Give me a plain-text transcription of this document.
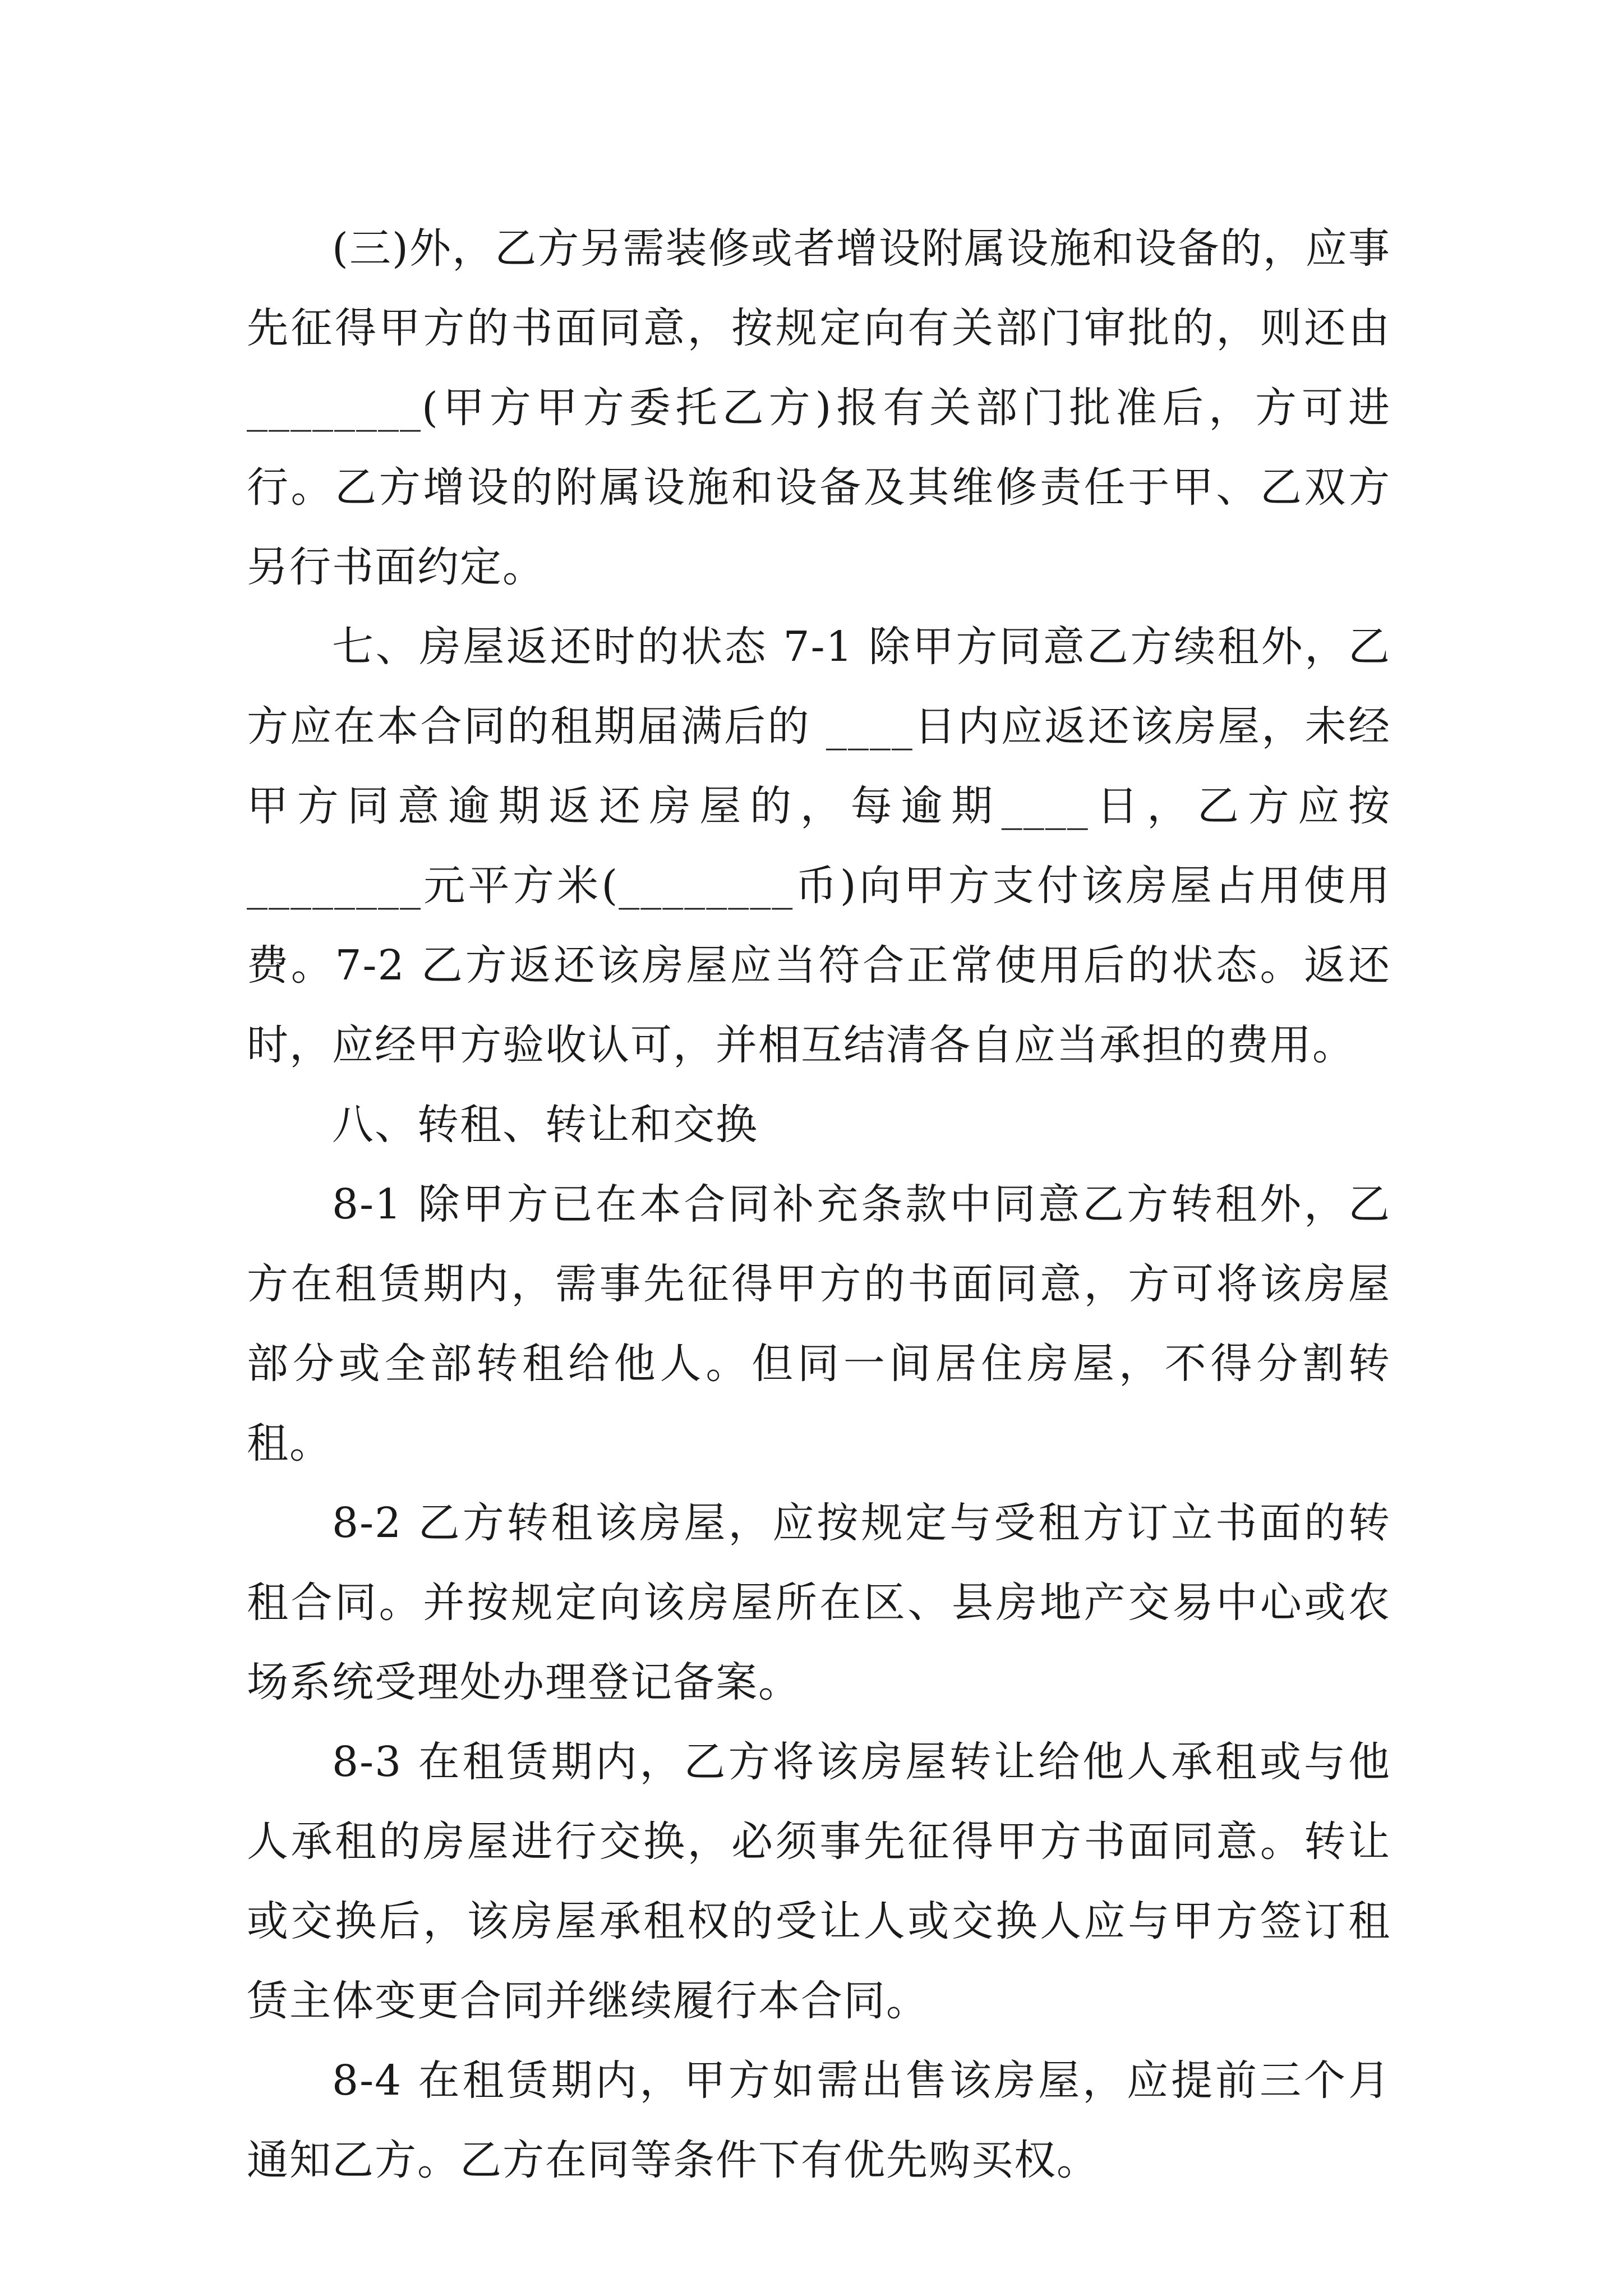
(三)外，乙方另需装修或者增设附属设施和设备的，应事先征得甲方的书面同意，按规定向有关部门审批的，则还由________(甲方甲方委托乙方)报有关部门批准后，方可进行。乙方增设的附属设施和设备及其维修责任于甲、乙双方另行书面约定。

七、房屋返还时的状态 7-1 除甲方同意乙方续租外，乙方应在本合同的租期届满后的 ____日内应返还该房屋，未经甲方同意逾期返还房屋的，每逾期____日，乙方应按________元平方米(________币)向甲方支付该房屋占用使用费。7-2 乙方返还该房屋应当符合正常使用后的状态。返还时，应经甲方验收认可，并相互结清各自应当承担的费用。

八、转租、转让和交换

8-1 除甲方已在本合同补充条款中同意乙方转租外，乙方在租赁期内，需事先征得甲方的书面同意，方可将该房屋部分或全部转租给他人。但同一间居住房屋，不得分割转租。

8-2 乙方转租该房屋，应按规定与受租方订立书面的转租合同。并按规定向该房屋所在区、县房地产交易中心或农场系统受理处办理登记备案。

8-3 在租赁期内，乙方将该房屋转让给他人承租或与他人承租的房屋进行交换，必须事先征得甲方书面同意。转让或交换后，该房屋承租权的受让人或交换人应与甲方签订租赁主体变更合同并继续履行本合同。

8-4 在租赁期内，甲方如需出售该房屋，应提前三个月通知乙方。乙方在同等条件下有优先购买权。
